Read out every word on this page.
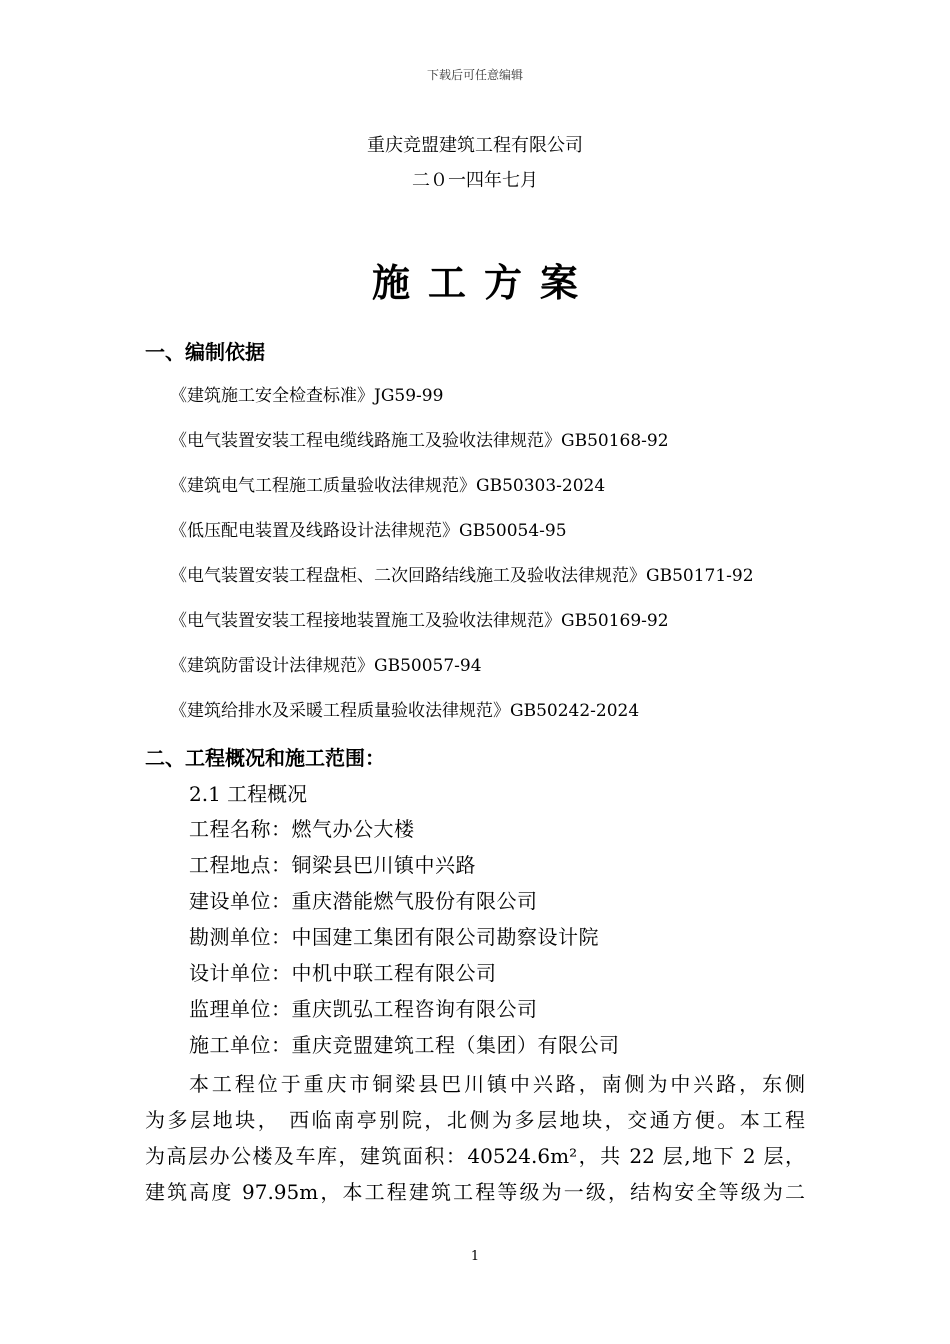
下载后可任意编辑
重庆竞盟建筑工程有限公司
二０一四年七月
施工方案
一、编制依据
《建筑施工安全检查标准》JG59-99
《电气装置安装工程电缆线路施工及验收法律规范》GB50168-92
《建筑电气工程施工质量验收法律规范》GB50303-2024
《低压配电装置及线路设计法律规范》GB50054-95
《电气装置安装工程盘柜、二次回路结线施工及验收法律规范》GB50171-92
《电气装置安装工程接地装置施工及验收法律规范》GB50169-92
《建筑防雷设计法律规范》GB50057-94
《建筑给排水及采暖工程质量验收法律规范》GB50242-2024
二、工程概况和施工范围：
2.1 工程概况
工程名称：燃气办公大楼
工程地点：铜梁县巴川镇中兴路
建设单位：重庆潜能燃气股份有限公司
勘测单位：中国建工集团有限公司勘察设计院
设计单位：中机中联工程有限公司
监理单位：重庆凯弘工程咨询有限公司
施工单位：重庆竞盟建筑工程（集团）有限公司
本工程位于重庆市铜梁县巴川镇中兴路，南侧为中兴路，东侧
为多层地块， 西临南亭别院，北侧为多层地块，交通方便。本工程
为高层办公楼及车库，建筑面积：40524.6m²，共 22 层,地下 2 层，
建筑高度 97.95m，本工程建筑工程等级为一级，结构安全等级为二
1
